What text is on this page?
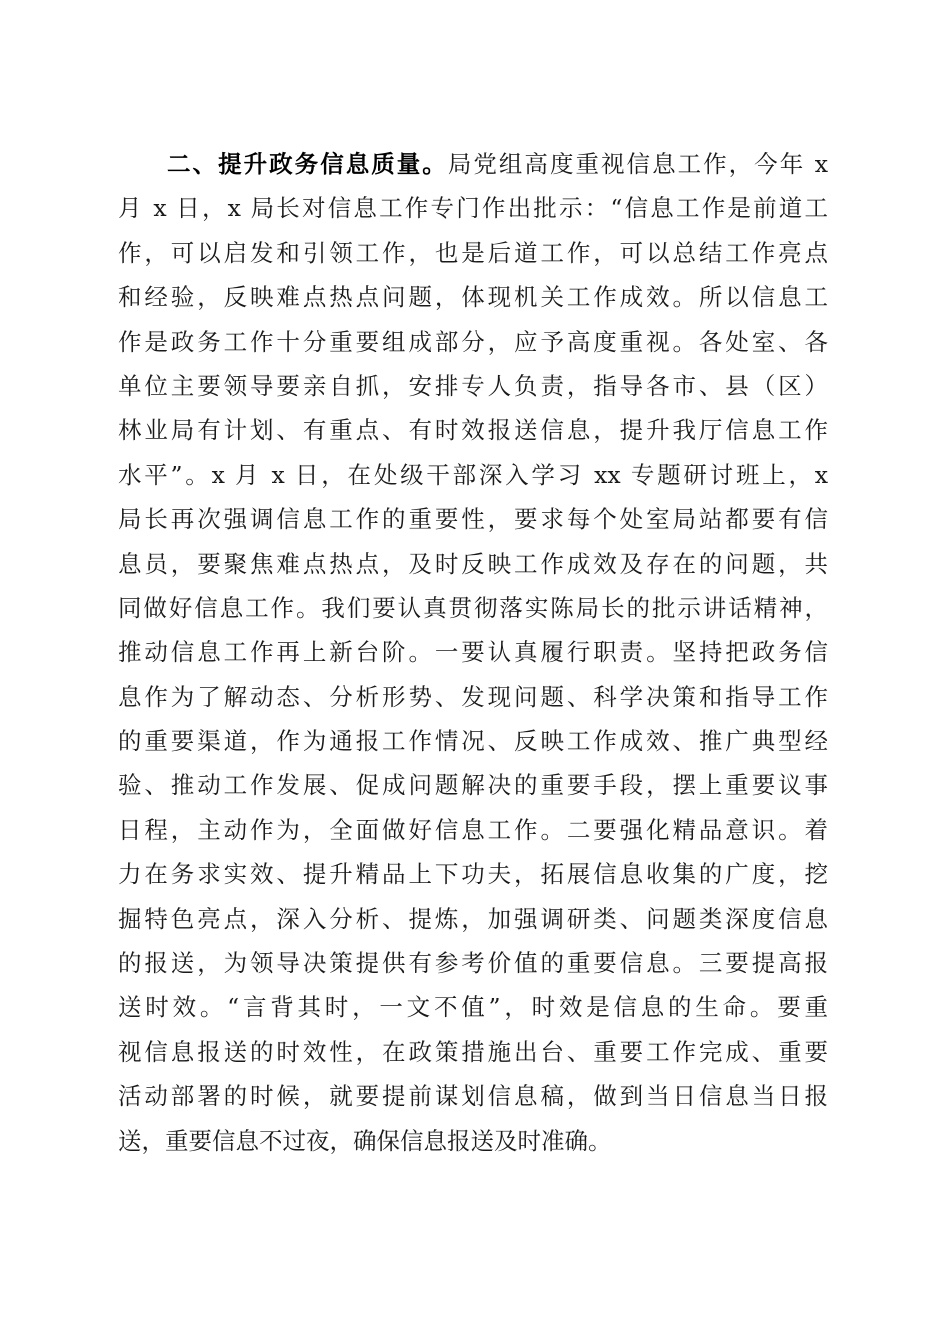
二、提升政务信息质量。局党组高度重视信息工作，今年 x
月 x 日，x 局长对信息工作专门作出批示：“信息工作是前道工
作，可以启发和引领工作，也是后道工作，可以总结工作亮点
和经验，反映难点热点问题，体现机关工作成效。所以信息工
作是政务工作十分重要组成部分，应予高度重视。各处室、各
单位主要领导要亲自抓，安排专人负责，指导各市、县（区）
林业局有计划、有重点、有时效报送信息，提升我厅信息工作
水平”。x 月 x 日，在处级干部深入学习 xx 专题研讨班上，x
局长再次强调信息工作的重要性，要求每个处室局站都要有信
息员，要聚焦难点热点，及时反映工作成效及存在的问题，共
同做好信息工作。我们要认真贯彻落实陈局长的批示讲话精神，
推动信息工作再上新台阶。一要认真履行职责。坚持把政务信
息作为了解动态、分析形势、发现问题、科学决策和指导工作
的重要渠道，作为通报工作情况、反映工作成效、推广典型经
验、推动工作发展、促成问题解决的重要手段，摆上重要议事
日程，主动作为，全面做好信息工作。二要强化精品意识。着
力在务求实效、提升精品上下功夫，拓展信息收集的广度，挖
掘特色亮点，深入分析、提炼，加强调研类、问题类深度信息
的报送，为领导决策提供有参考价值的重要信息。三要提高报
送时效。“言背其时，一文不值”，时效是信息的生命。要重
视信息报送的时效性，在政策措施出台、重要工作完成、重要
活动部署的时候，就要提前谋划信息稿，做到当日信息当日报
送，重要信息不过夜，确保信息报送及时准确。
